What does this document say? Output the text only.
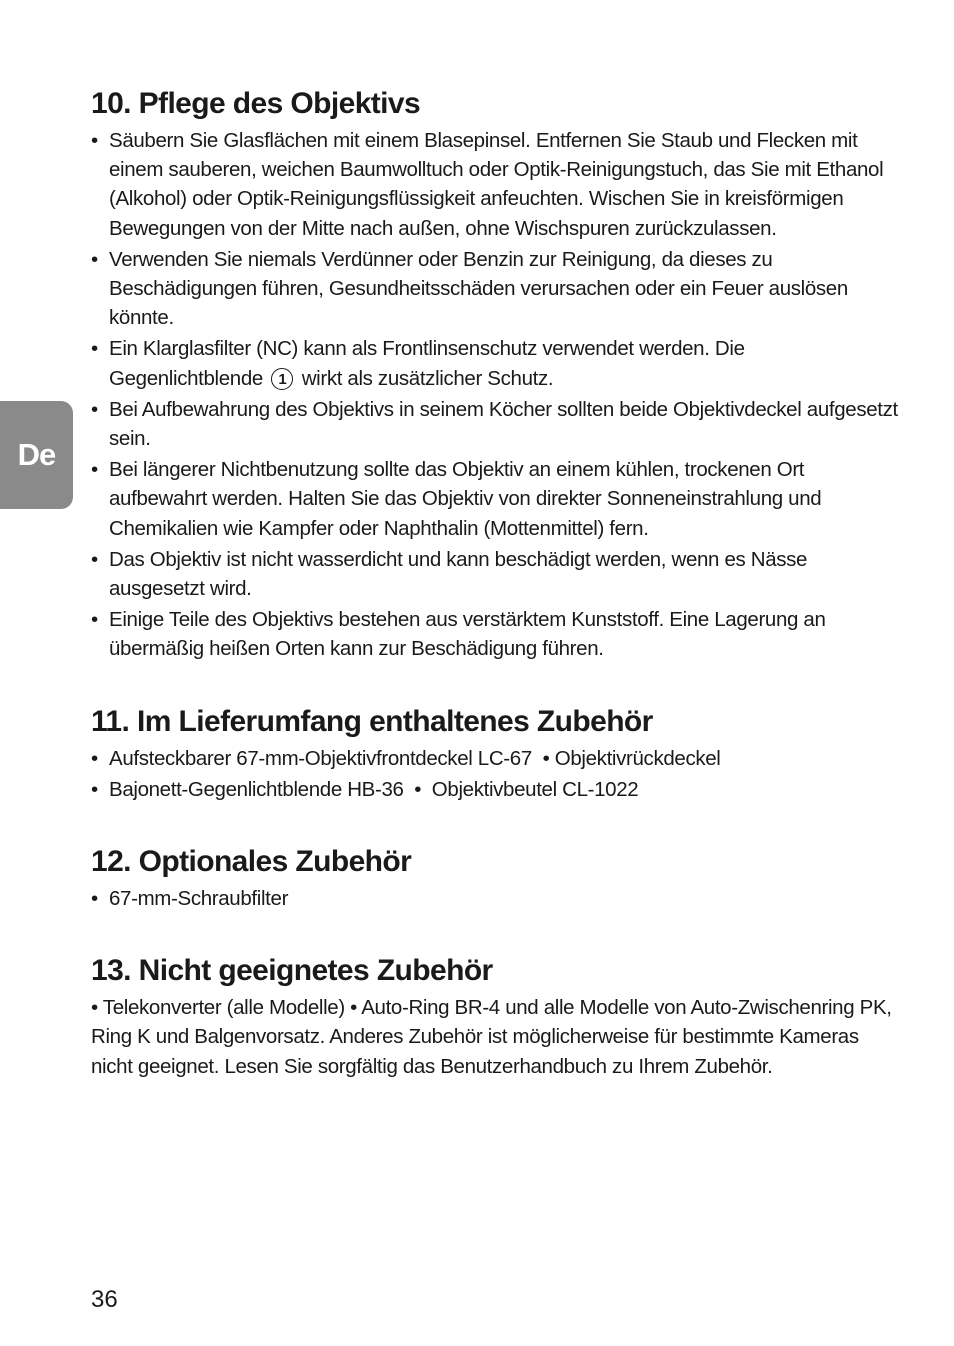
De
10. Pflege des Objektivs
• Säubern Sie Glasflächen mit einem Blasepinsel. Entfernen Sie Staub und Flecken mit einem sauberen, weichen Baumwolltuch oder Optik-Reinigungstuch, das Sie mit Ethanol (Alkohol) oder Optik-Reinigungsflüssigkeit anfeuchten. Wischen Sie in kreisförmigen Bewegungen von der Mitte nach außen, ohne Wischspuren zurückzulassen.
• Verwenden Sie niemals Verdünner oder Benzin zur Reinigung, da dieses zu Beschädigungen führen, Gesundheitsschäden verursachen oder ein Feuer auslösen könnte.
• Ein Klarglasfilter (NC) kann als Frontlinsenschutz verwendet werden. Die Gegenlichtblende 1 wirkt als zusätzlicher Schutz.
• Bei Aufbewahrung des Objektivs in seinem Köcher sollten beide Objektivdeckel aufgesetzt sein.
• Bei längerer Nichtbenutzung sollte das Objektiv an einem kühlen, trockenen Ort aufbewahrt werden. Halten Sie das Objektiv von direkter Sonneneinstrahlung und Chemikalien wie Kampfer oder Naphthalin (Mottenmittel) fern.
• Das Objektiv ist nicht wasserdicht und kann beschädigt werden, wenn es Nässe ausgesetzt wird.
• Einige Teile des Objektivs bestehen aus verstärktem Kunststoff. Eine Lagerung an übermäßig heißen Orten kann zur Beschädigung führen.
11. Im Lieferumfang enthaltenes Zubehör
• Aufsteckbarer 67-mm-Objektivfrontdeckel LC-67  • Objektivrückdeckel
• Bajonett-Gegenlichtblende HB-36  •  Objektivbeutel CL-1022
12. Optionales Zubehör
• 67-mm-Schraubfilter
13. Nicht geeignetes Zubehör
• Telekonverter (alle Modelle) • Auto-Ring BR-4 und alle Modelle von Auto-Zwischenring PK, Ring K und Balgenvorsatz. Anderes Zubehör ist möglicherweise für bestimmte Kameras nicht geeignet. Lesen Sie sorgfältig das Benutzerhandbuch zu Ihrem Zubehör.
36
